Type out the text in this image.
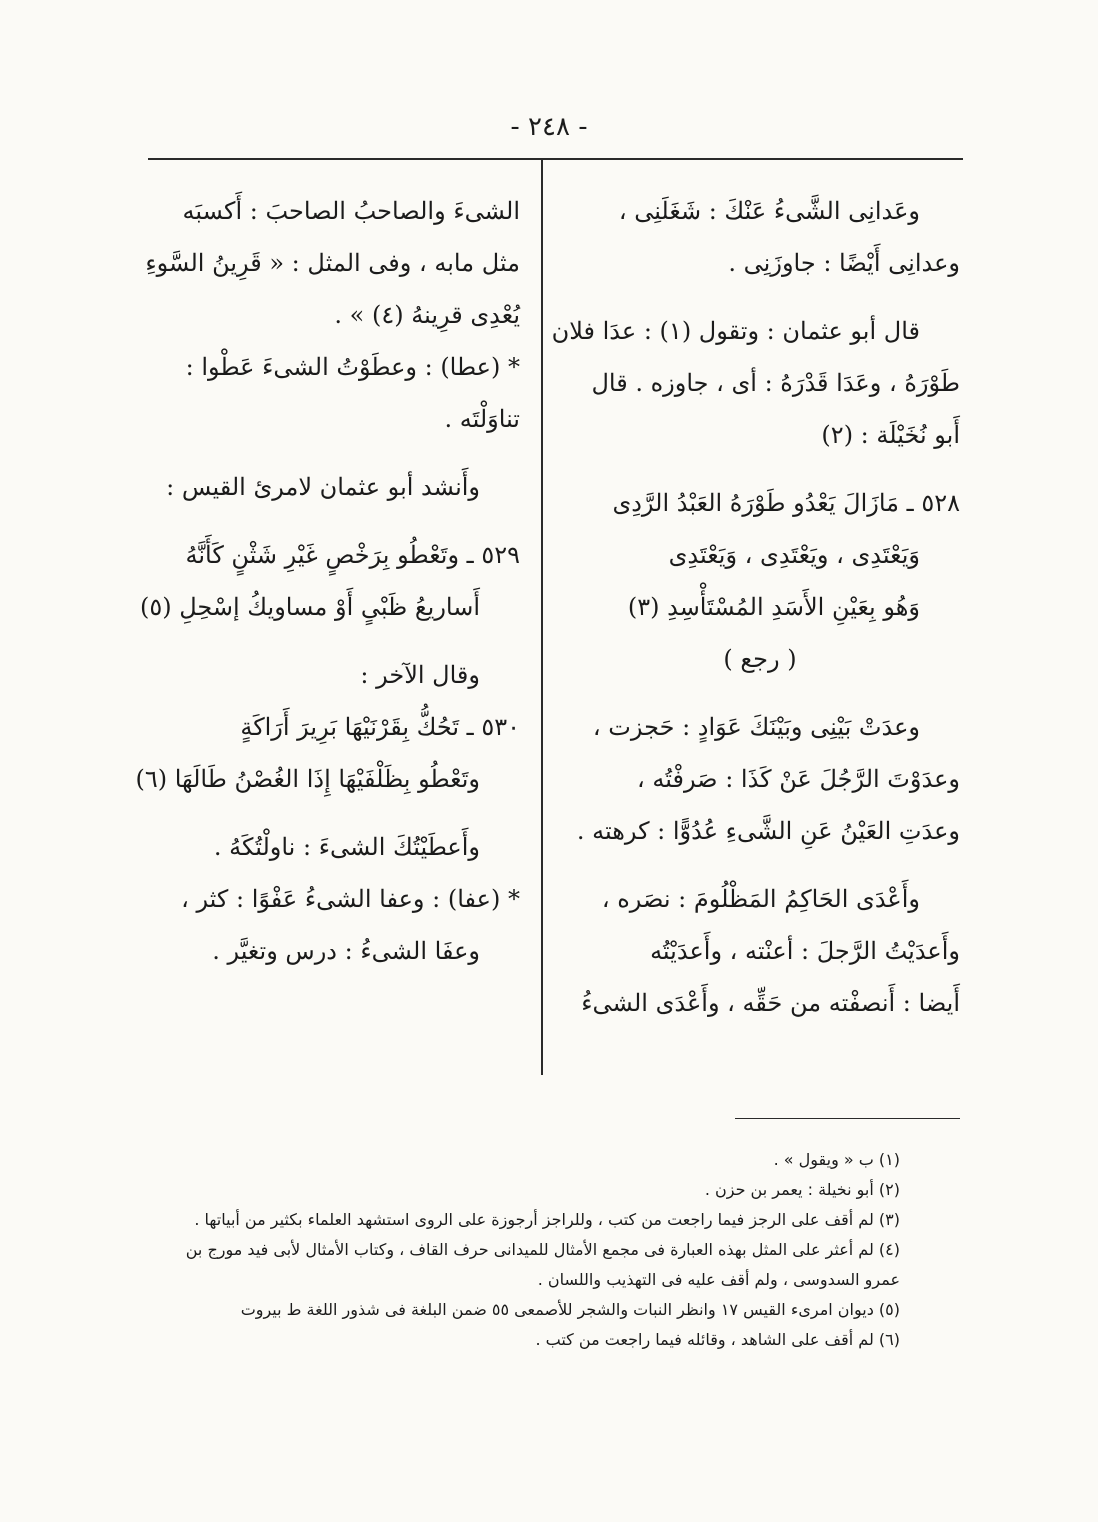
- ٢٤٨ -
وعَدانِى الشَّىءُ عَنْكَ : شَغَلَنِى ،
وعدانِى أَيْضًا : جاوزَنِى .
قال أبو عثمان : وتقول (١) : عدَا فلان
طَوْرَهُ ، وعَدَا قَدْرَهُ : أى ، جاوزه . قال
أَبو نُخَيْلَة : (٢)
٥٢٨ ـ مَازَالَ يَعْدُو طَوْرَهُ العَبْدُ الرَّدِى
وَيَعْتَدِى ، ويَعْتَدِى ، وَيَعْتَدِى
وَهُو بِعَيْنِ الأَسَدِ المُسْتَأْسِدِ (٣)
( رجع )
وعدَتْ بَيْنِى وبَيْنَكَ عَوَادٍ : حَجزت ،
وعدَوْتَ الرَّجُلَ عَنْ كَذَا : صَرفْتُه ،
وعدَتِ العَيْنُ عَنِ الشَّىءِ عُدُوًّا : كرهته .
وأَعْدَى الحَاكِمُ المَظْلُومَ : نصَره ،
وأَعدَيْتُ الرَّجلَ : أعنْته ، وأَعدَيْتُه
أَيضا : أَنصفْته من حَقِّه ، وأَعْدَى الشىءُ
الشىءَ والصاحبُ الصاحبَ : أَكسبَه
مثل مابه ، وفى المثل : « قَرِينُ السَّوءِ
يُعْدِى قرِينهُ (٤) » .
* (عطا) : وعطَوْتُ الشىءَ عَطْوا :
تناوَلْتَه .
وأَنشد أبو عثمان لامرئ القيس :
٥٢٩ ـ وتَعْطُو بِرَخْصٍ غَيْرِ شَثْنٍ كَأَنَّهُ
أَساريعُ ظَبْىٍ أَوْ مساويكُ إسْحِلِ (٥)
وقال الآخر :
٥٣٠ ـ تَحُكُّ بِقَرْنَيْهَا بَرِيرَ أَرَاكَةٍ
وتَعْطُو بِظَلْفَيْهَا إِذَا الغُصْنُ طَالَهَا (٦)
وأَعطَيْتُكَ الشىءَ : ناولْتُكَهُ .
* (عفا) : وعفا الشىءُ عَفْوًا : كثر ،
وعفَا الشىءُ : درس وتغيَّر .
(١) ب « ويقول » .
(٢) أبو نخيلة : يعمر بن حزن .
(٣) لم أقف على الرجز فيما راجعت من كتب ، وللراجز أرجوزة على الروى استشهد العلماء بكثير من أبياتها .
(٤) لم أعثر على المثل بهذه العبارة فى مجمع الأمثال للميدانى حرف القاف ، وكتاب الأمثال لأبى فيد مورج بن
عمرو السدوسى ، ولم أقف عليه فى التهذيب واللسان .
(٥) ديوان امرىء القيس ١٧ وانظر النبات والشجر للأصمعى ٥٥ ضمن البلغة فى شذور اللغة ط بيروت
(٦) لم أقف على الشاهد ، وقائله فيما راجعت من كتب .
